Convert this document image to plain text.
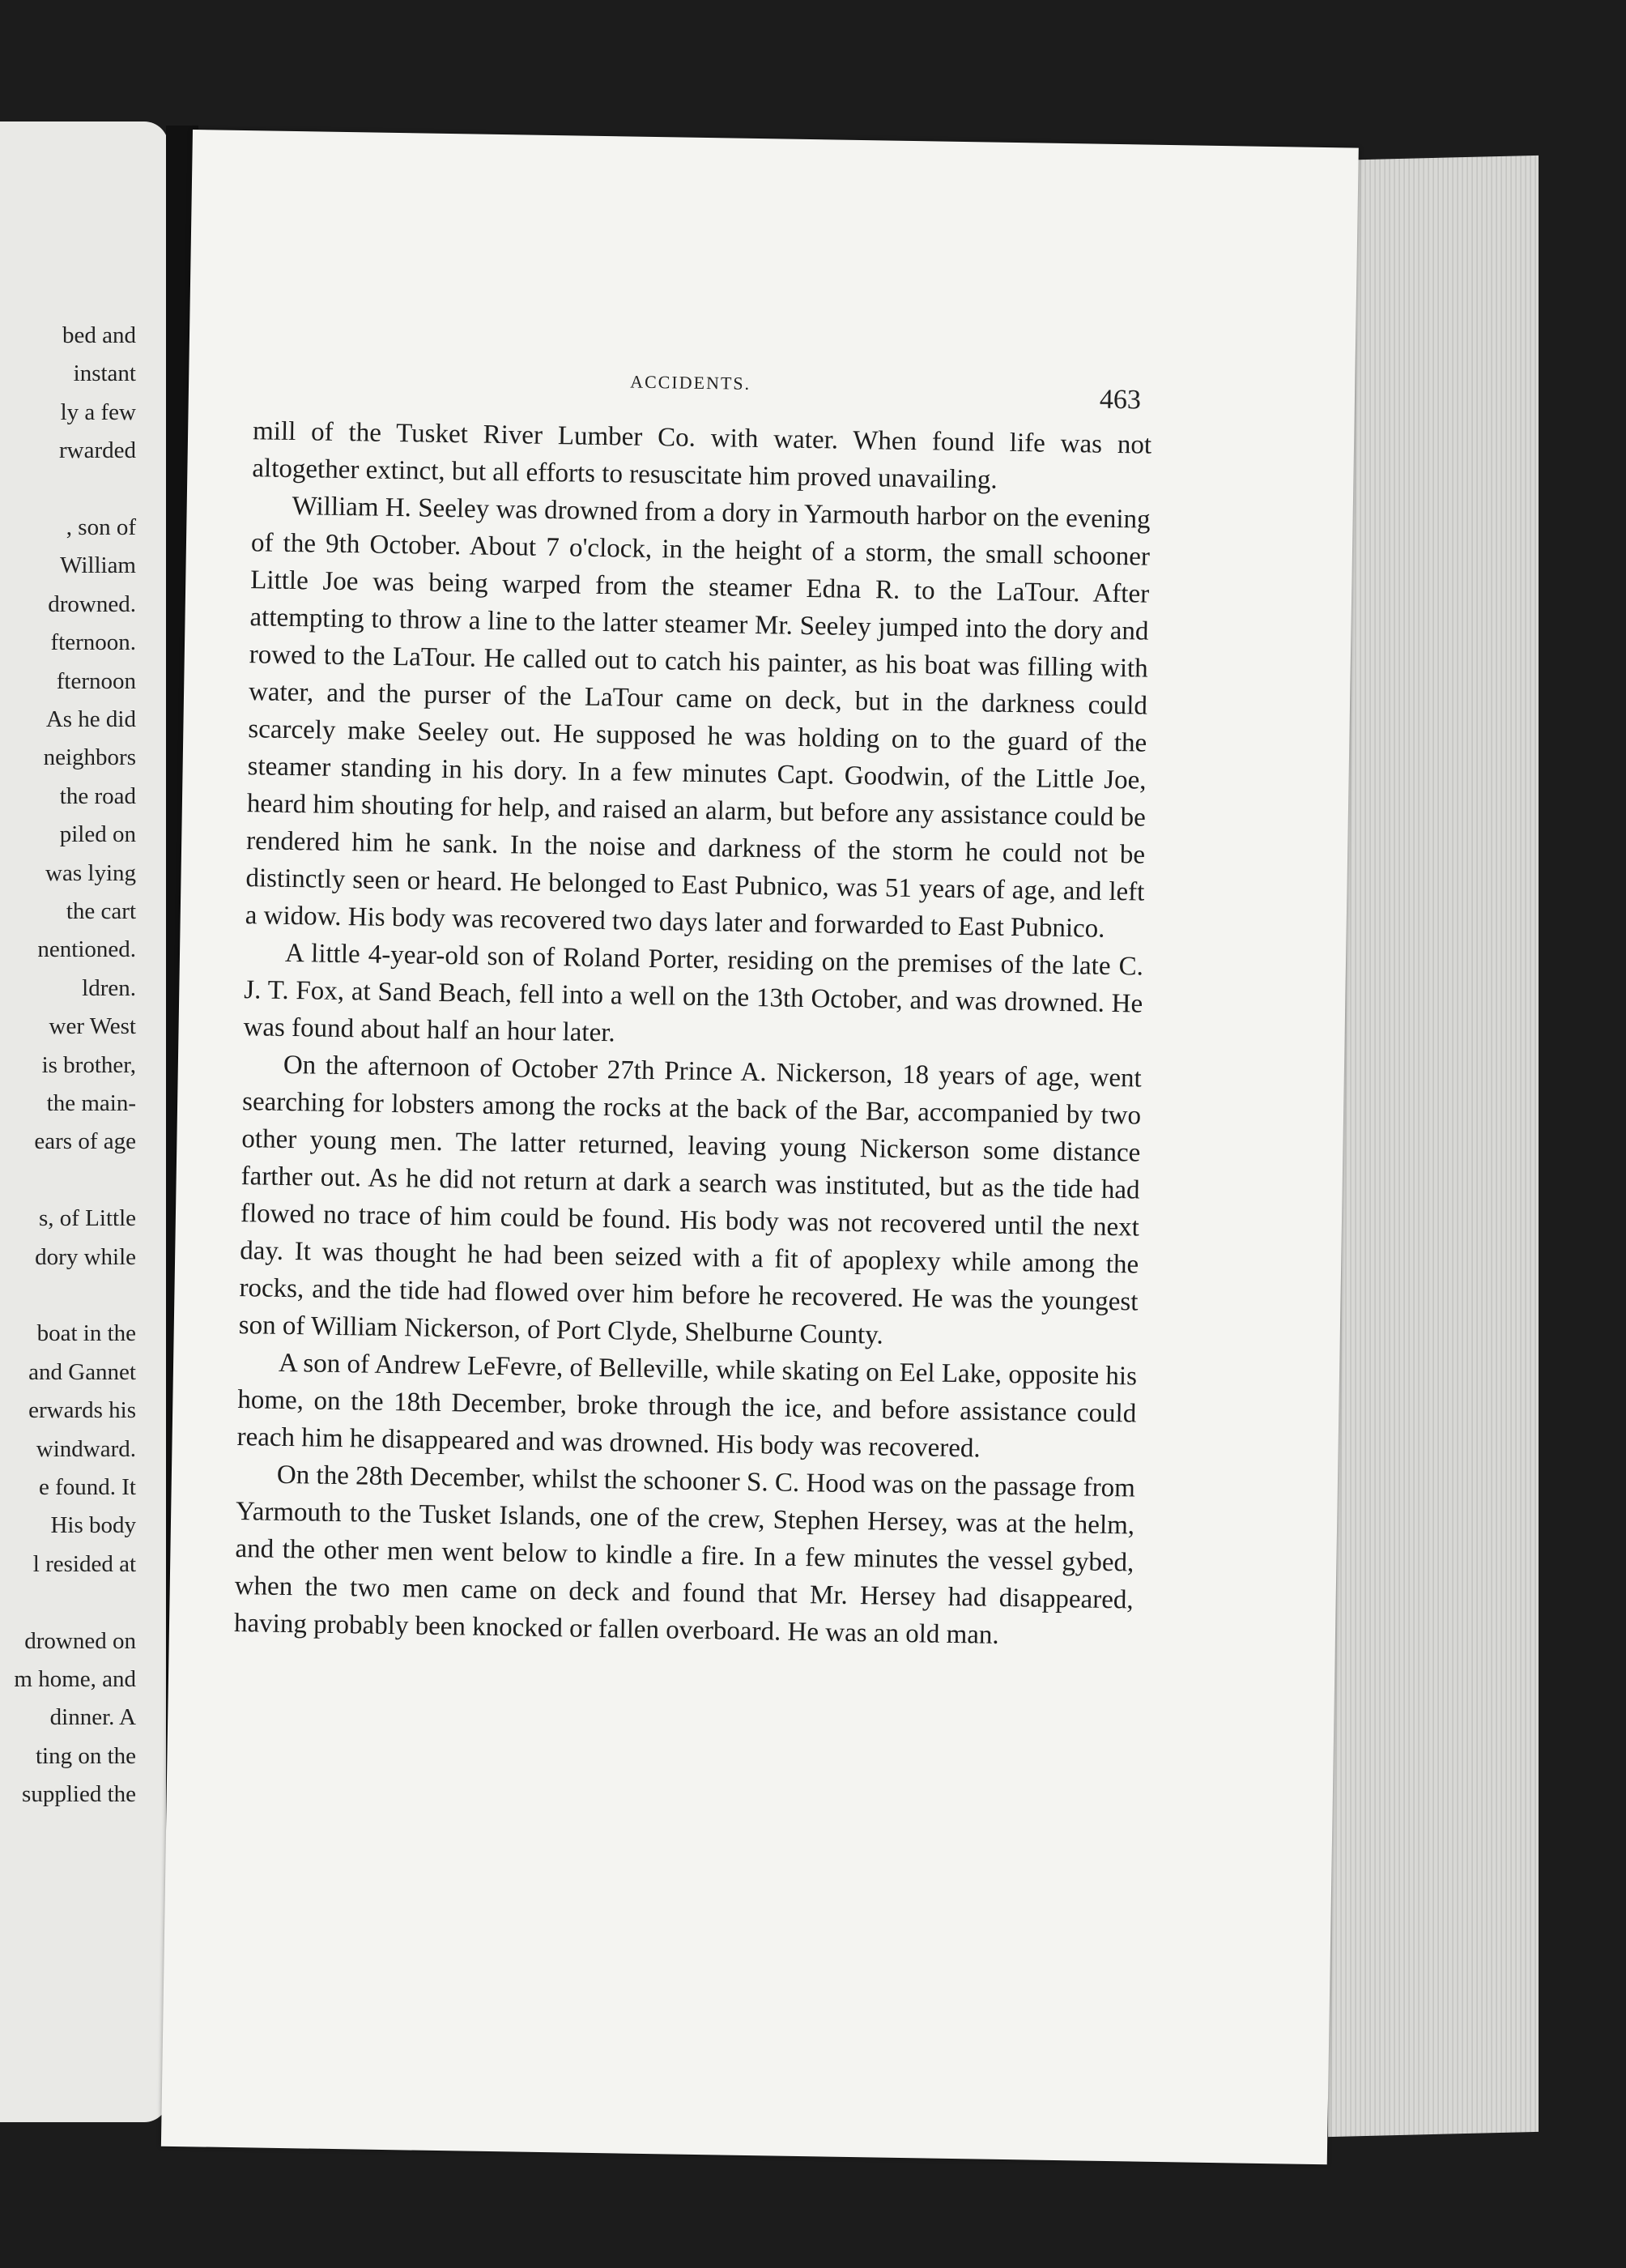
bed and
instant
ly a few
rwarded
, son of
William
drowned.
fternoon.
fternoon
As he did
neighbors
the road
piled on
was lying
the cart
nentioned.
ldren.
wer West
is brother,
the main-
ears of age
s, of Little
dory while
boat in the
and Gannet
erwards his
windward.
e found. It
His body
l resided at
drowned on
m home, and
dinner. A
ting on the
supplied the
ACCIDENTS.
463

mill of the Tusket River Lumber Co. with water. When found life was not altogether extinct, but all efforts to resuscitate him proved unavailing.

William H. Seeley was drowned from a dory in Yarmouth harbor on the evening of the 9th October. About 7 o'clock, in the height of a storm, the small schooner Little Joe was being warped from the steamer Edna R. to the LaTour. After attempting to throw a line to the latter steamer Mr. Seeley jumped into the dory and rowed to the LaTour. He called out to catch his painter, as his boat was filling with water, and the purser of the LaTour came on deck, but in the darkness could scarcely make Seeley out. He supposed he was holding on to the guard of the steamer standing in his dory. In a few minutes Capt. Goodwin, of the Little Joe, heard him shouting for help, and raised an alarm, but before any assistance could be rendered him he sank. In the noise and darkness of the storm he could not be distinctly seen or heard. He belonged to East Pubnico, was 51 years of age, and left a widow. His body was recovered two days later and forwarded to East Pubnico.

A little 4-year-old son of Roland Porter, residing on the premises of the late C. J. T. Fox, at Sand Beach, fell into a well on the 13th October, and was drowned. He was found about half an hour later.

On the afternoon of October 27th Prince A. Nickerson, 18 years of age, went searching for lobsters among the rocks at the back of the Bar, accompanied by two other young men. The latter returned, leaving young Nickerson some distance farther out. As he did not return at dark a search was instituted, but as the tide had flowed no trace of him could be found. His body was not recovered until the next day. It was thought he had been seized with a fit of apoplexy while among the rocks, and the tide had flowed over him before he recovered. He was the youngest son of William Nickerson, of Port Clyde, Shelburne County.

A son of Andrew LeFevre, of Belleville, while skating on Eel Lake, opposite his home, on the 18th December, broke through the ice, and before assistance could reach him he disappeared and was drowned. His body was recovered.

On the 28th December, whilst the schooner S. C. Hood was on the passage from Yarmouth to the Tusket Islands, one of the crew, Stephen Hersey, was at the helm, and the other men went below to kindle a fire. In a few minutes the vessel gybed, when the two men came on deck and found that Mr. Hersey had disappeared, having probably been knocked or fallen overboard. He was an old man.
